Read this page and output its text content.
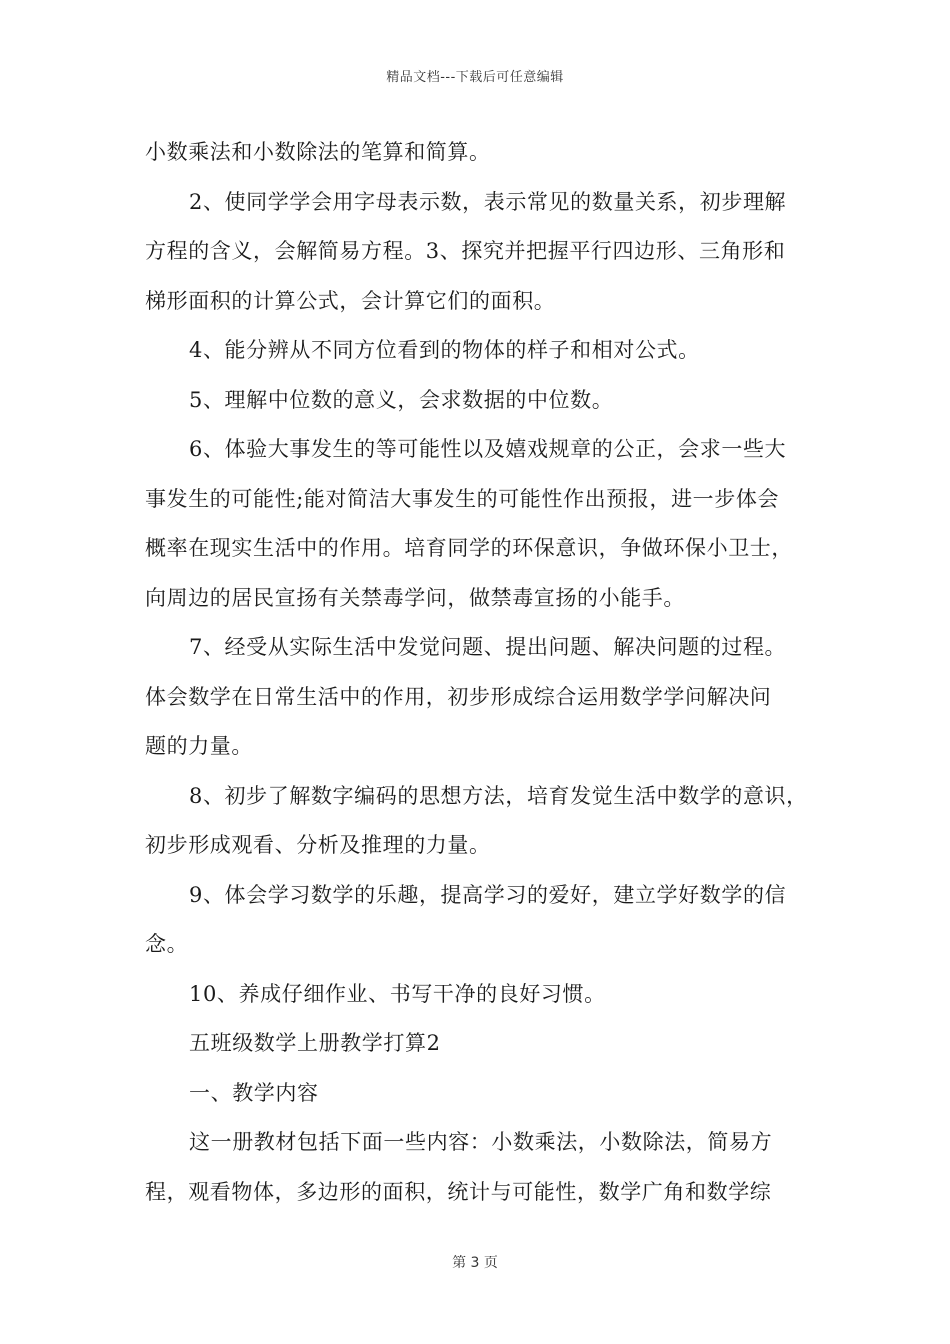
精品文档---下载后可任意编辑

小数乘法和小数除法的笔算和简算。

2、使同学学会用字母表示数，表示常见的数量关系，初步理解

方程的含义，会解简易方程。3、探究并把握平行四边形、三角形和

梯形面积的计算公式，会计算它们的面积。

4、能分辨从不同方位看到的物体的样子和相对公式。

5、理解中位数的意义，会求数据的中位数。

6、体验大事发生的等可能性以及嬉戏规章的公正，会求一些大

事发生的可能性;能对简洁大事发生的可能性作出预报，进一步体会

概率在现实生活中的作用。培育同学的环保意识，争做环保小卫士，

向周边的居民宣扬有关禁毒学问，做禁毒宣扬的小能手。

7、经受从实际生活中发觉问题、提出问题、解决问题的过程。

体会数学在日常生活中的作用，初步形成综合运用数学学问解决问

题的力量。

8、初步了解数字编码的思想方法，培育发觉生活中数学的意识，

初步形成观看、分析及推理的力量。

9、体会学习数学的乐趣，提高学习的爱好，建立学好数学的信

念。

10、养成仔细作业、书写干净的良好习惯。

五班级数学上册教学打算2

一、教学内容

这一册教材包括下面一些内容：小数乘法，小数除法，简易方

程，观看物体，多边形的面积，统计与可能性，数学广角和数学综

第 3 页
